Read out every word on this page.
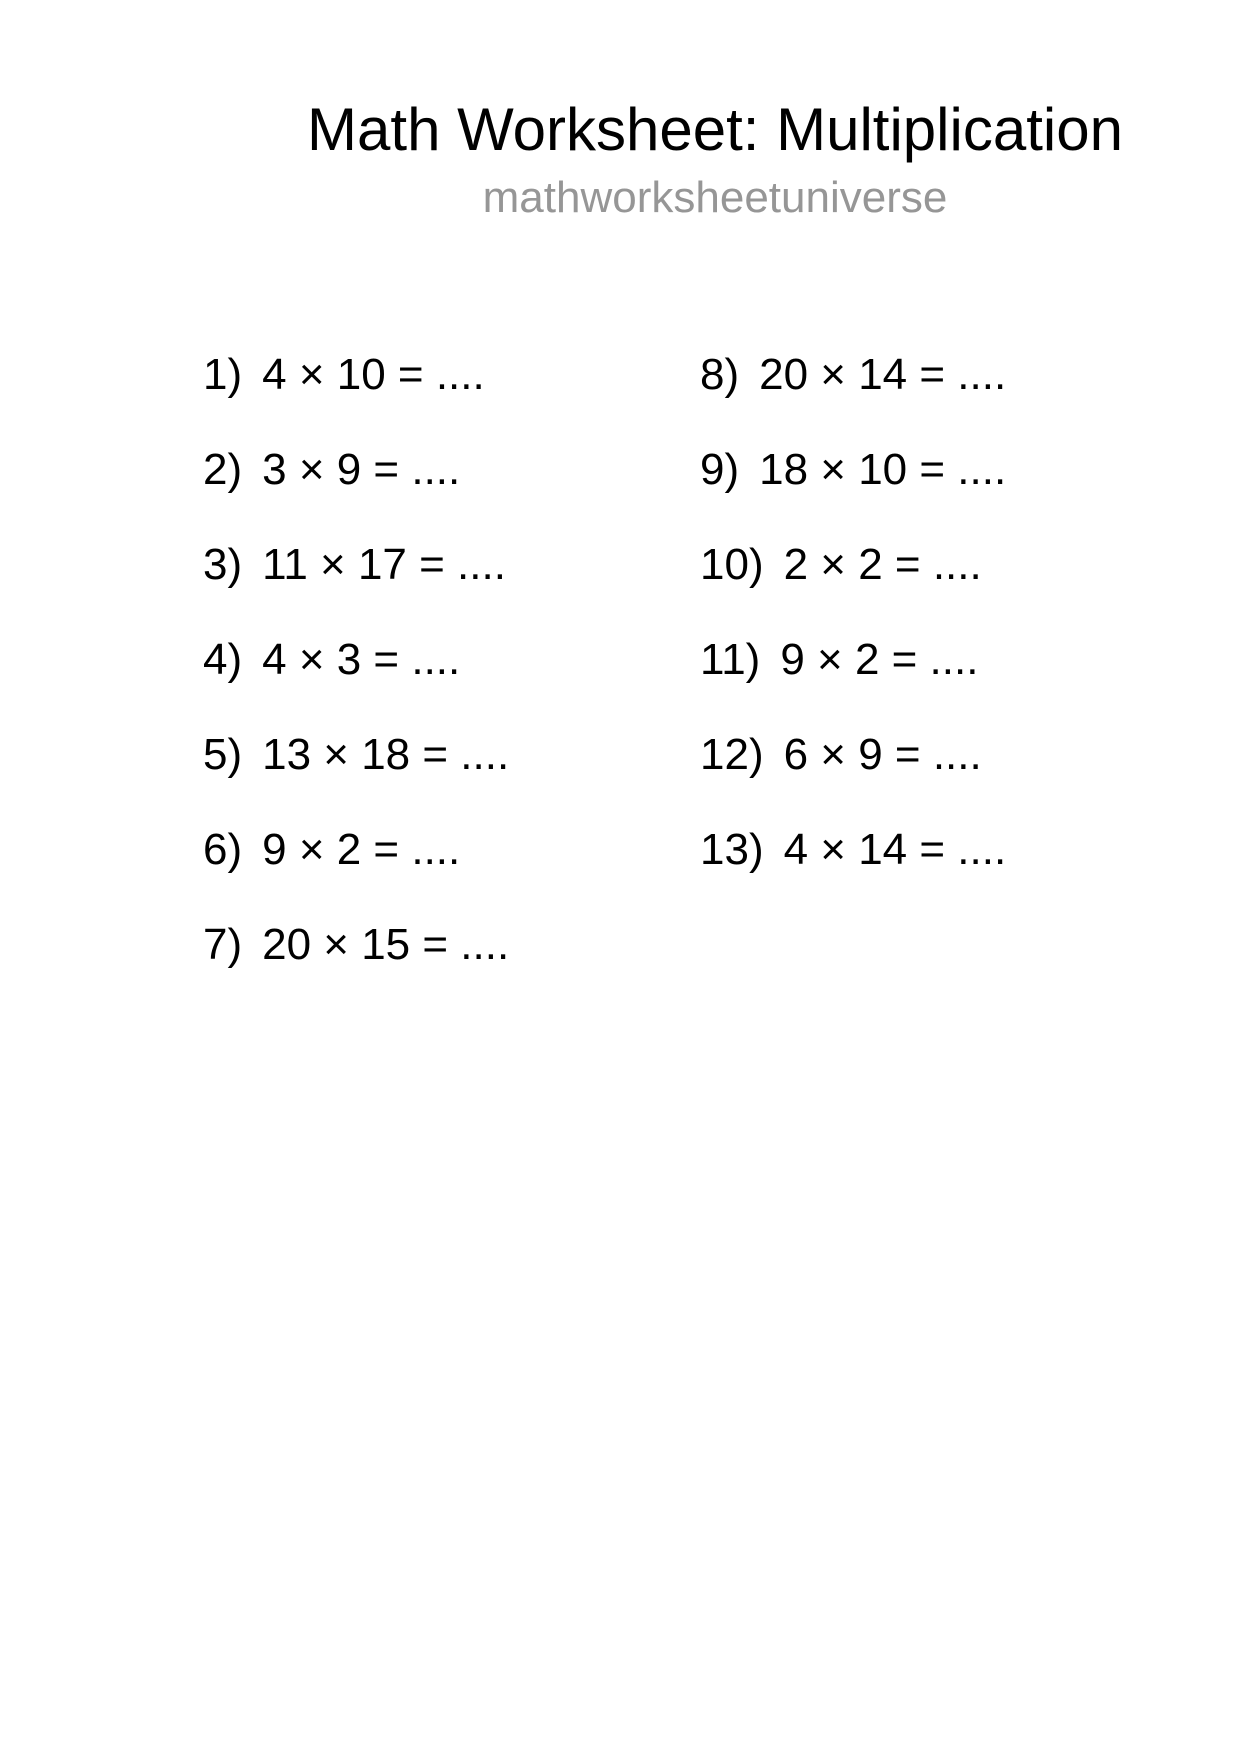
Math Worksheet: Multiplication
mathworksheetuniverse
1) 4 × 10 = ....
2) 3 × 9 = ....
3) 11 × 17 = ....
4) 4 × 3 = ....
5) 13 × 18 = ....
6) 9 × 2 = ....
7) 20 × 15 = ....
8) 20 × 14 = ....
9) 18 × 10 = ....
10) 2 × 2 = ....
11) 9 × 2 = ....
12) 6 × 9 = ....
13) 4 × 14 = ....
